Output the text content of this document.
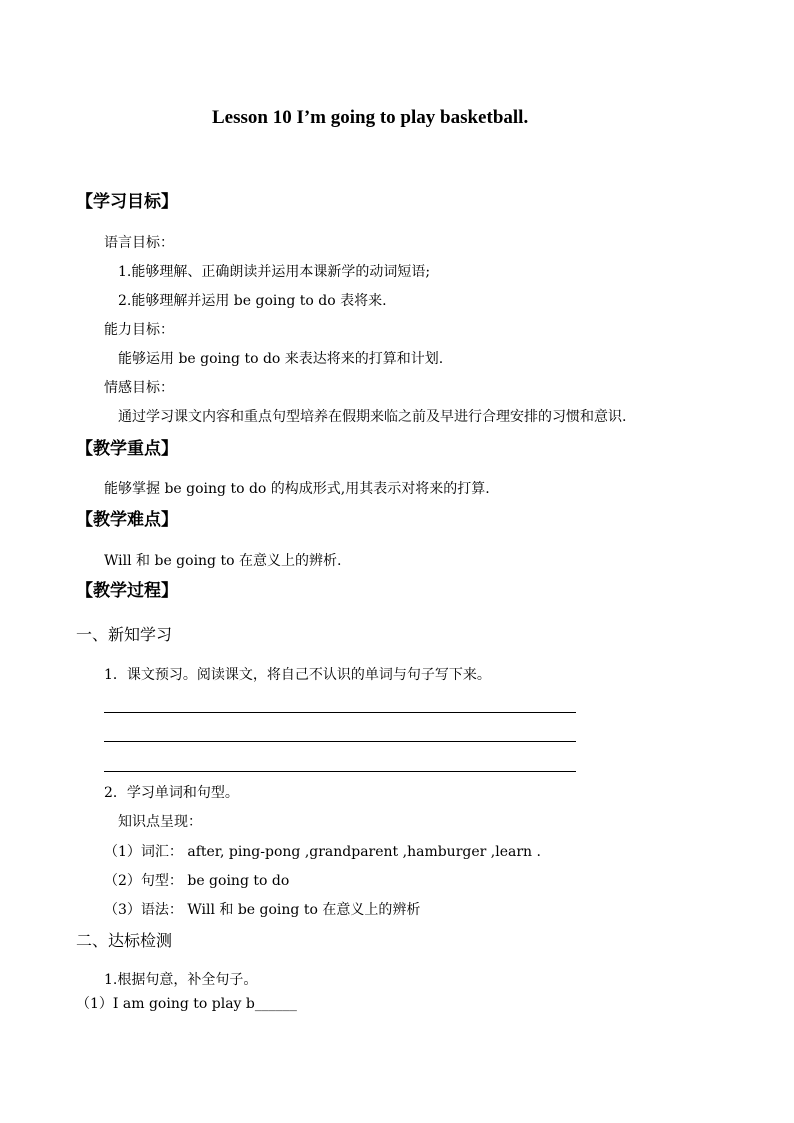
Lesson 10 I’m going to play basketball.
【学习目标】
语言目标：
1.能够理解、正确朗读并运用本课新学的动词短语;
2.能够理解并运用 be going to do 表将来.
能力目标：
能够运用 be going to do 来表达将来的打算和计划.
情感目标：
通过学习课文内容和重点句型培养在假期来临之前及早进行合理安排的习惯和意识.
【教学重点】
能够掌握 be going to do 的构成形式,用其表示对将来的打算.
【教学难点】
Will 和 be going to 在意义上的辨析.
【教学过程】
一、新知学习
1．课文预习。阅读课文，将自己不认识的单词与句子写下来。
2．学习单词和句型。
知识点呈现：
（1）词汇： after, ping-pong ,grandparent ,hamburger ,learn .
（2）句型： be going to do
（3）语法： Will 和 be going to 在意义上的辨析
二、达标检测
1.根据句意，补全句子。
（1）I am going to play b______
